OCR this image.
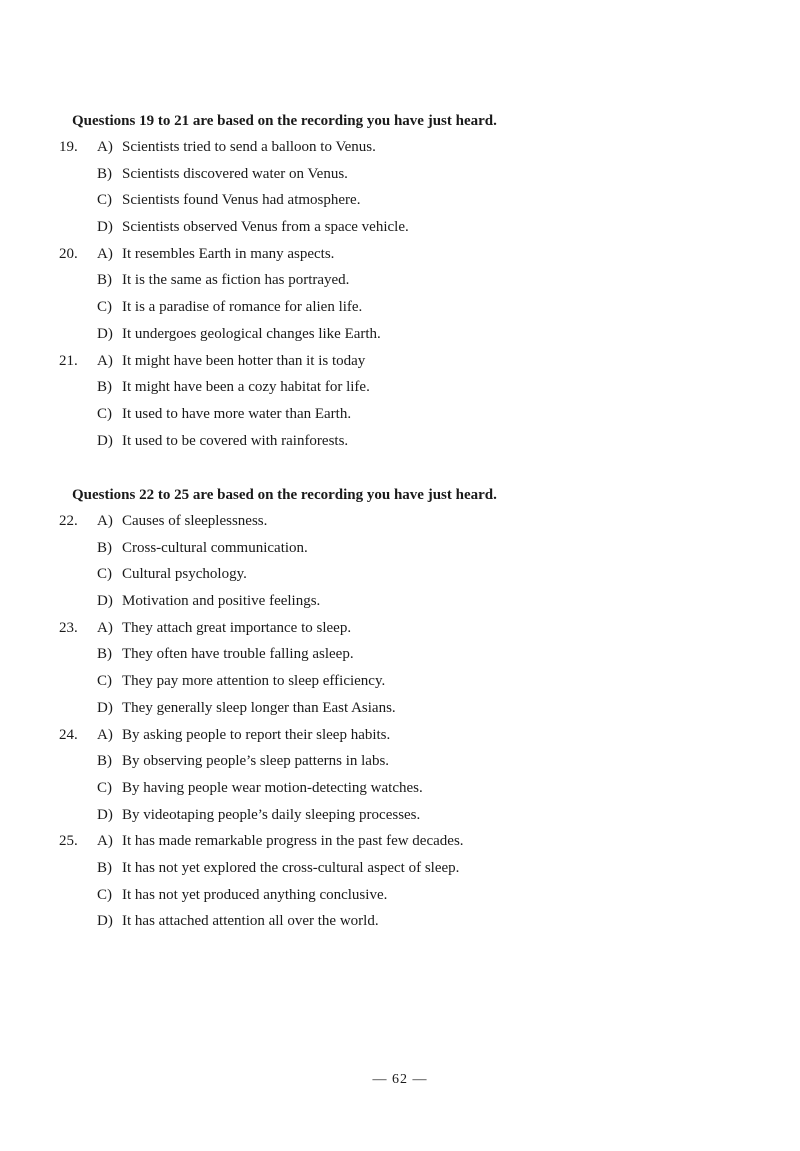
Questions 19 to 21 are based on the recording you have just heard.
19.	A) Scientists tried to send a balloon to Venus.
B) Scientists discovered water on Venus.
C) Scientists found Venus had atmosphere.
D) Scientists observed Venus from a space vehicle.
20.	A) It resembles Earth in many aspects.
B) It is the same as fiction has portrayed.
C) It is a paradise of romance for alien life.
D) It undergoes geological changes like Earth.
21.	A) It might have been hotter than it is today
B) It might have been a cozy habitat for life.
C) It used to have more water than Earth.
D) It used to be covered with rainforests.
Questions 22 to 25 are based on the recording you have just heard.
22.	A) Causes of sleeplessness.
B) Cross-cultural communication.
C) Cultural psychology.
D) Motivation and positive feelings.
23.	A) They attach great importance to sleep.
B) They often have trouble falling asleep.
C) They pay more attention to sleep efficiency.
D) They generally sleep longer than East Asians.
24.	A) By asking people to report their sleep habits.
B) By observing people’s sleep patterns in labs.
C) By having people wear motion-detecting watches.
D) By videotaping people’s daily sleeping processes.
25.	A) It has made remarkable progress in the past few decades.
B) It has not yet explored the cross-cultural aspect of sleep.
C) It has not yet produced anything conclusive.
D) It has attached attention all over the world.
— 62 —
